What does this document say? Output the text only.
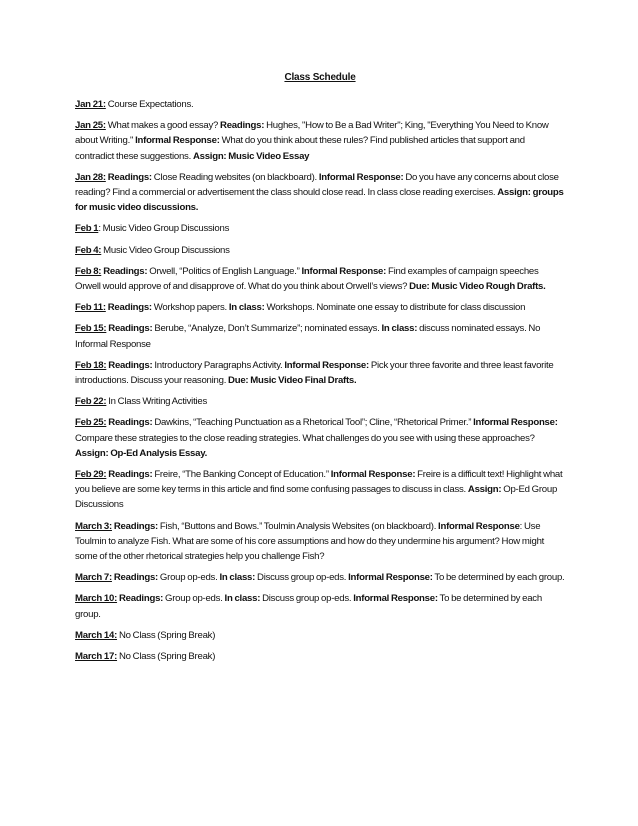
Class Schedule

Jan 21: Course Expectations.

Jan 25: What makes a good essay? Readings: Hughes, "How to Be a Bad Writer"; King, "Everything You Need to Know about Writing." Informal Response: What do you think about these rules? Find published articles that support and contradict these suggestions. Assign: Music Video Essay

Jan 28: Readings: Close Reading websites (on blackboard). Informal Response: Do you have any concerns about close reading? Find a commercial or advertisement the class should close read. In class close reading exercises. Assign: groups for music video discussions.

Feb 1: Music Video Group Discussions

Feb 4: Music Video Group Discussions

Feb 8: Readings: Orwell, “Politics of English Language.” Informal Response: Find examples of campaign speeches Orwell would approve of and disapprove of. What do you think about Orwell’s views? Due: Music Video Rough Drafts.

Feb 11: Readings: Workshop papers. In class: Workshops. Nominate one essay to distribute for class discussion

Feb 15: Readings: Berube, “Analyze, Don’t Summarize”; nominated essays. In class: discuss nominated essays. No Informal Response

Feb 18: Readings: Introductory Paragraphs Activity. Informal Response: Pick your three favorite and three least favorite introductions. Discuss your reasoning. Due: Music Video Final Drafts.

Feb 22: In Class Writing Activities

Feb 25: Readings: Dawkins, “Teaching Punctuation as a Rhetorical Tool”; Cline, “Rhetorical Primer.” Informal Response: Compare these strategies to the close reading strategies. What challenges do you see with using these approaches? Assign: Op-Ed Analysis Essay.

Feb 29: Readings: Freire, “The Banking Concept of Education.” Informal Response: Freire is a difficult text! Highlight what you believe are some key terms in this article and find some confusing passages to discuss in class. Assign: Op-Ed Group Discussions

March 3: Readings: Fish, “Buttons and Bows.” Toulmin Analysis Websites (on blackboard). Informal Response: Use Toulmin to analyze Fish. What are some of his core assumptions and how do they undermine his argument? How might some of the other rhetorical strategies help you challenge Fish?

March 7: Readings: Group op-eds. In class: Discuss group op-eds. Informal Response: To be determined by each group.

March 10: Readings: Group op-eds. In class: Discuss group op-eds. Informal Response: To be determined by each group.

March 14: No Class (Spring Break)

March 17: No Class (Spring Break)
